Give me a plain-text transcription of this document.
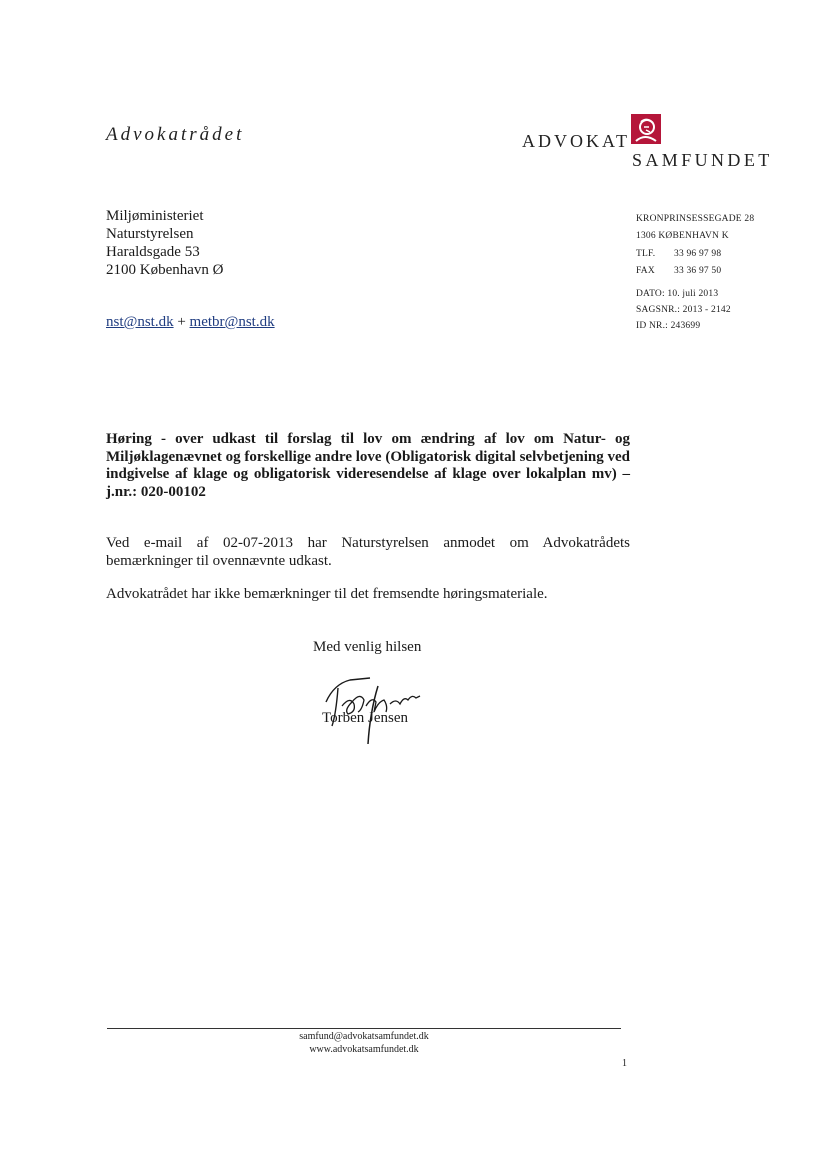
Advokatrådet	ADVOKAT
SAMFUNDET
Miljøministeriet
Naturstyrelsen
Haraldsgade 53
2100 København Ø
nst@nst.dk + metbr@nst.dk
KRONPRINSESSEGADE 28
1306 KØBENHAVN K
TLF. 33 96 97 98
FAX 33 36 97 50
DATO: 10. juli 2013
SAGSNR.: 2013 - 2142
ID NR.: 243699
Høring - over udkast til forslag til lov om ændring af lov om Natur- og Miljøklagenævnet og forskellige andre love (Obligatorisk digital selvbetjening ved indgivelse af klage og obligatorisk videresendelse af klage over lokalplan mv) – j.nr.: 020-00102
Ved e-mail af 02-07-2013 har Naturstyrelsen anmodet om Advokatrådets bemærkninger til ovennævnte udkast.
Advokatrådet har ikke bemærkninger til det fremsendte høringsmateriale.
Med venlig hilsen
Torben Jensen
samfund@advokatsamfundet.dk
www.advokatsamfundet.dk
1
